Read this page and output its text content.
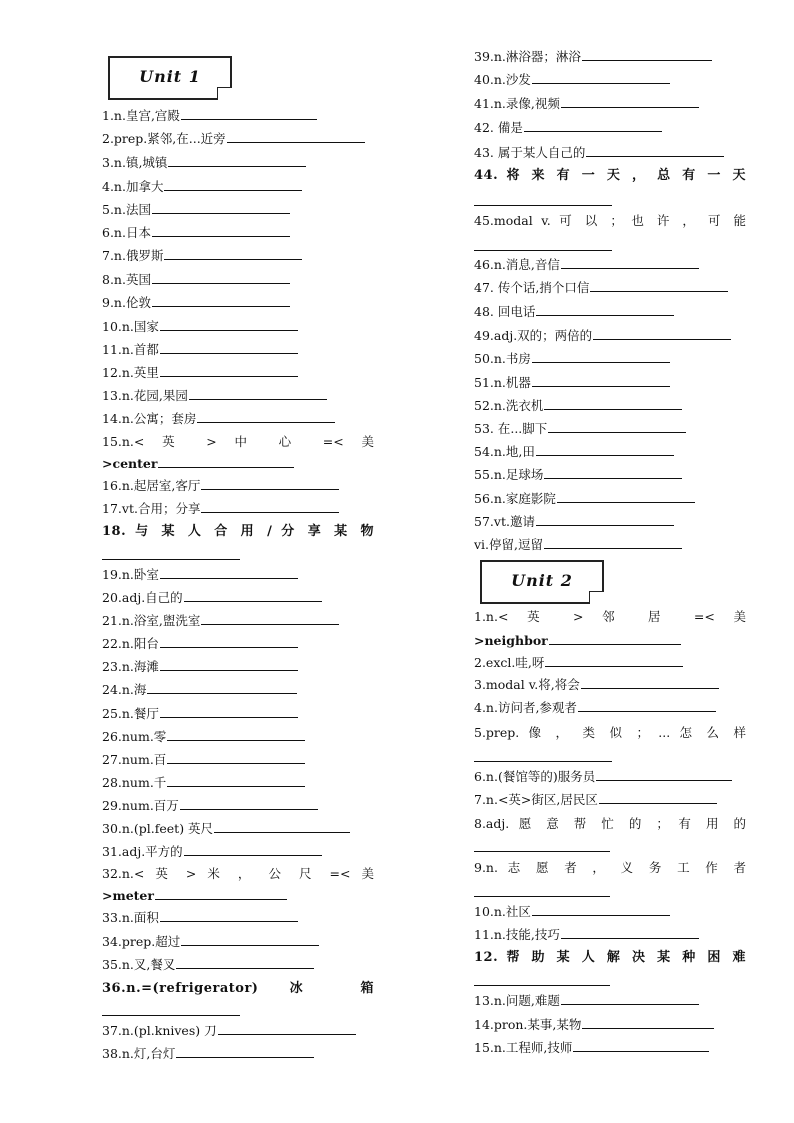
Unit 1
1.n.皇宫,宫殿
2.prep.紧邻,在...近旁
3.n.镇,城镇
4.n.加拿大
5.n.法国
6.n.日本
7.n.俄罗斯
8.n.英国
9.n.伦敦
10.n.国家
11.n.首都
12.n.英里
13.n.花园,果园
14.n.公寓；套房
15.n.< 英 > 中 心 =< 美
>center
16.n.起居室,客厅
17.vt.合用；分享
18. 与 某 人 合 用 / 分 享 某 物
19.n.卧室
20.adj.自己的
21.n.浴室,盥洗室
22.n.阳台
23.n.海滩
24.n.海
25.n.餐厅
26.num.零
27.num.百
28.num.千
29.num.百万
30.n.(pl.feet) 英尺
31.adj.平方的
32.n.< 英 > 米 ， 公 尺 =< 美
>meter
33.n.面积
34.prep.超过
35.n.叉,餐叉
36.n.=(refrigerator) 冰 箱
37.n.(pl.knives) 刀
38.n.灯,台灯
39.n.淋浴器；淋浴
40.n.沙发
41.n.录像,视频
42. 備是
43. 属于某人自己的
44. 将 来 有 一 天 ， 总 有 一 天
45.modal v. 可 以 ； 也 许 ， 可 能
46.n.消息,音信
47. 传个话,捎个口信
48. 回电话
49.adj.双的；两倍的
50.n.书房
51.n.机器
52.n.洗衣机
53. 在...脚下
54.n.地,田
55.n.足球场
56.n.家庭影院
57.vt.邀请
vi.停留,逗留
Unit 2
1.n.< 英 > 邻 居 =< 美
>neighbor
2.excl.哇,呀
3.modal v.将,将会
4.n.访问者,参观者
5.prep. 像 ， 类 似 ； ... 怎 么 样
6.n.(餐馆等的)服务员
7.n.<英>街区,居民区
8.adj. 愿 意 帮 忙 的 ； 有 用 的
9.n. 志 愿 者 ， 义 务 工 作 者
10.n.社区
11.n.技能,技巧
12. 帮 助 某 人 解 决 某 种 困 难
13.n.问题,难题
14.pron.某事,某物
15.n.工程师,技师
